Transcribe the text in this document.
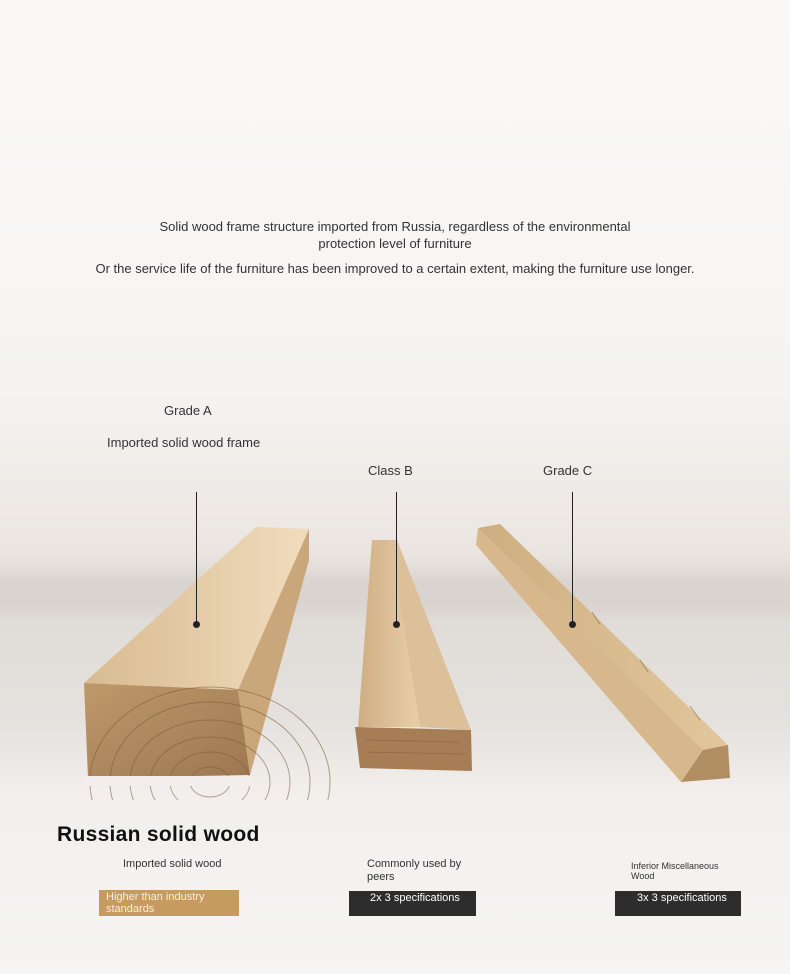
Solid wood frame structure imported from Russia, regardless of the environmental protection level of furniture
Or the service life of the furniture has been improved to a certain extent, making the furniture use longer.
Grade A
Imported solid wood frame
Class B	Grade C
Russian solid wood
Imported solid wood	Commonly used by peers
Inferior Miscellaneous Wood
Higher than industry standards
2x 3 specifications	3x 3 specifications
